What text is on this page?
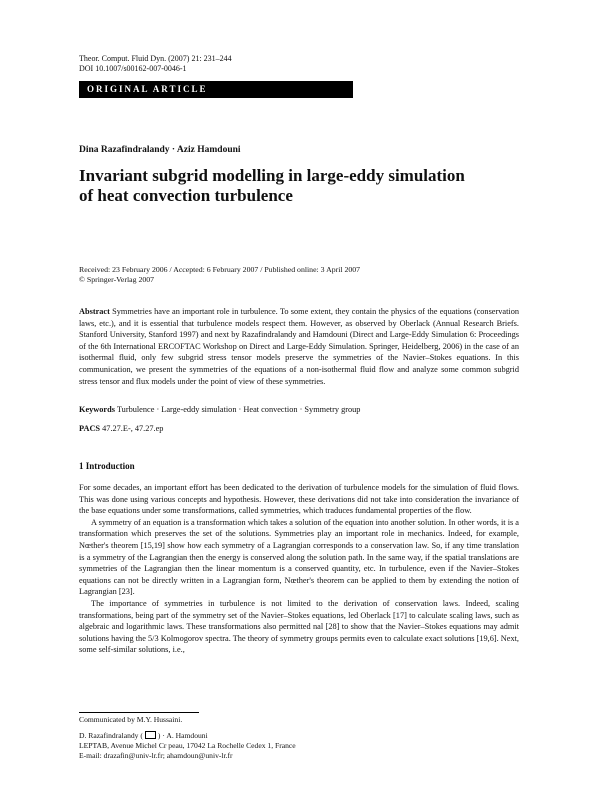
Theor. Comput. Fluid Dyn. (2007) 21: 231–244
DOI 10.1007/s00162-007-0046-1
ORIGINAL ARTICLE
Dina Razafindralandy · Aziz Hamdouni
Invariant subgrid modelling in large-eddy simulation
of heat convection turbulence
Received: 23 February 2006 / Accepted: 6 February 2007 / Published online: 3 April 2007
© Springer-Verlag 2007
Abstract Symmetries have an important role in turbulence. To some extent, they contain the physics of the equations (conservation laws, etc.), and it is essential that turbulence models respect them. However, as observed by Oberlack (Annual Research Briefs. Stanford University, Stanford 1997) and next by Razafindralandy and Hamdouni (Direct and Large-Eddy Simulation 6: Proceedings of the 6th International ERCOFTAC Workshop on Direct and Large-Eddy Simulation. Springer, Heidelberg, 2006) in the case of an isothermal fluid, only few subgrid stress tensor models preserve the symmetries of the Navier–Stokes equations. In this communication, we present the symmetries of the equations of a non-isothermal fluid flow and analyze some common subgrid stress tensor and flux models under the point of view of these symmetries.
Keywords Turbulence · Large-eddy simulation · Heat convection · Symmetry group
PACS 47.27.E-, 47.27.ep
1 Introduction

For some decades, an important effort has been dedicated to the derivation of turbulence models for the simulation of fluid flows. This was done using various concepts and hypothesis. However, these derivations did not take into consideration the invariance of the base equations under some transformations, called symmetries, which traduces fundamental properties of the flow.

A symmetry of an equation is a transformation which takes a solution of the equation into another solution. In other words, it is a transformation which preserves the set of the solutions. Symmetries play an important role in mechanics. Indeed, for example, Nœther's theorem [15,19] show how each symmetry of a Lagrangian corresponds to a conservation law. So, if any time translation is a symmetry of the Lagrangian then the energy is conserved along the solution path. In the same way, if the spatial translations are symmetries of the Lagrangian then the linear momentum is a conserved quantity, etc. In turbulence, even if the Navier–Stokes equations can not be directly written in a Lagrangian form, Nœther's theorem can be applied to them by extending the notion of Lagrangian [23].

The importance of symmetries in turbulence is not limited to the derivation of conservation laws. Indeed, scaling transformations, being part of the symmetry set of the Navier–Stokes equations, led Oberlack [17] to calculate scaling laws, such as algebraic and logarithmic laws. These transformations also permitted nal [28] to show that the Navier–Stokes equations may admit solutions having the 5/3 Kolmogorov spectra. The theory of symmetry groups permits even to calculate exact solutions [19,6]. Next, some self-similar solutions, i.e.,

Communicated by M.Y. Hussaini.
D. Razafindralandy ( ) · A. Hamdouni
LEPTAB, Avenue Michel Cr peau, 17042 La Rochelle Cedex 1, France
E-mail: drazafin@univ-lr.fr; ahamdoun@univ-lr.fr
